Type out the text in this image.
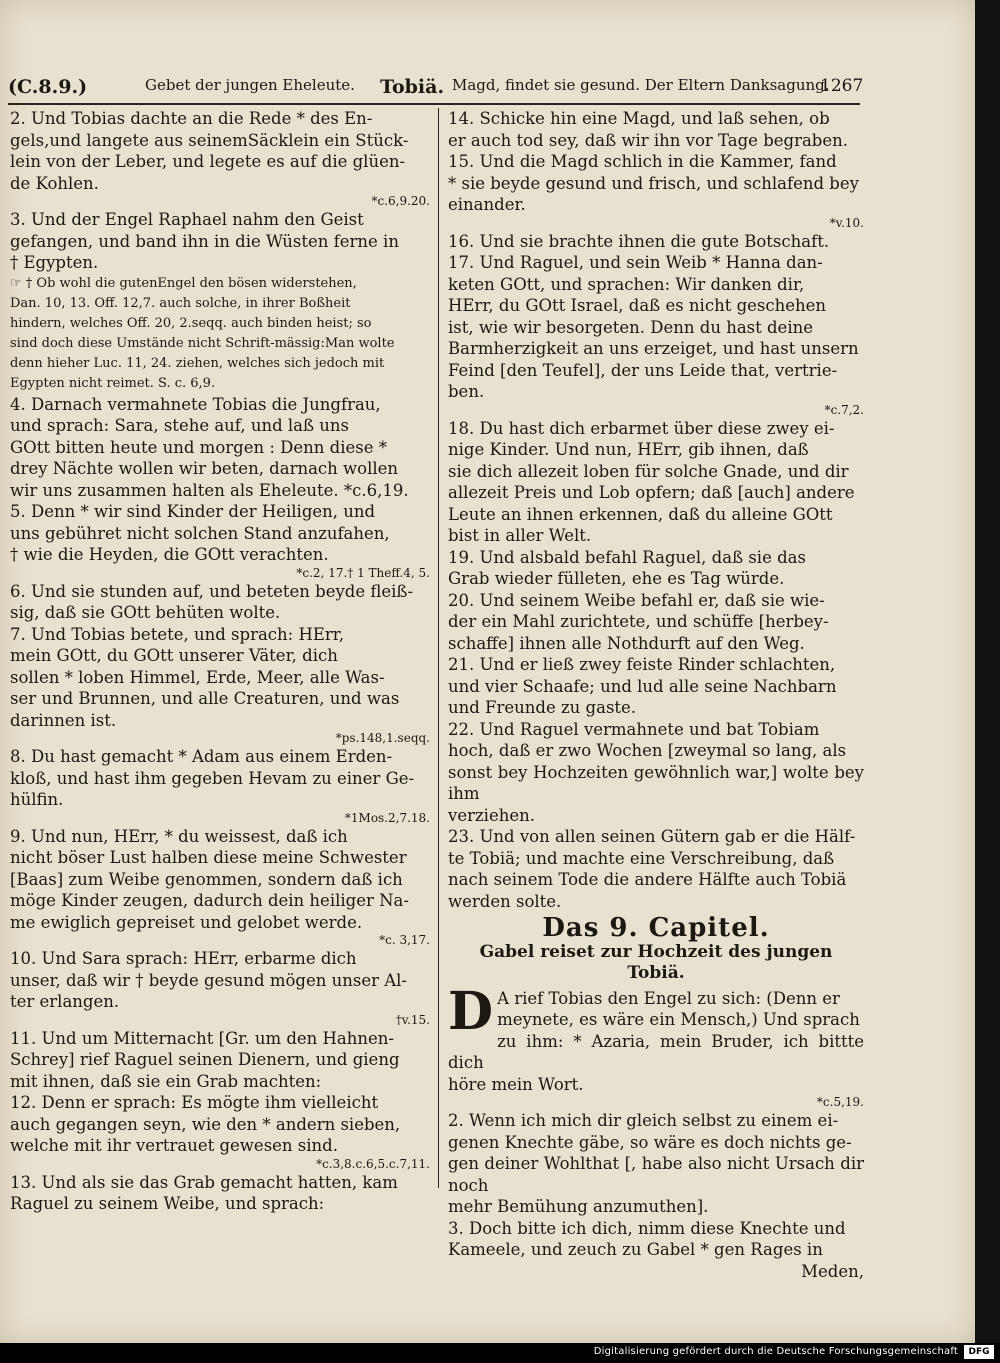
(C.8.9.)	Gebet der jungen Eheleute. Tobiä. Magd, findet sie gesund. Der Eltern Danksagung.
1267
2. Und Tobias dachte an die Rede * des En-
gels,und langete aus seinemSäcklein ein Stück-
lein von der Leber, und legete es auf die glüen-
de Kohlen.
*c.6,9.20.
3. Und der Engel Raphael nahm den Geist
gefangen, und band ihn in die Wüsten ferne in
† Egypten.
☞ † Ob wohl die gutenEngel den bösen widerstehen,
Dan. 10, 13. Off. 12,7. auch solche, in ihrer Boßheit
hindern, welches Off. 20, 2.seqq. auch binden heist; so
sind doch diese Umstände nicht Schrift-mässig:Man wolte
denn hieher Luc. 11, 24. ziehen, welches sich jedoch mit
Egypten nicht reimet. S. c. 6,9.
4. Darnach vermahnete Tobias die Jungfrau,
und sprach: Sara, stehe auf, und laß uns
GOtt bitten heute und morgen : Denn diese *
drey Nächte wollen wir beten, darnach wollen
wir uns zusammen halten als Eheleute. *c.6,19.
5. Denn * wir sind Kinder der Heiligen, und
uns gebühret nicht solchen Stand anzufahen,
† wie die Heyden, die GOtt verachten.
*c.2, 17.† 1 Theff.4, 5.
6. Und sie stunden auf, und beteten beyde fleiß-
sig, daß sie GOtt behüten wolte.
7. Und Tobias betete, und sprach: HErr,
mein GOtt, du GOtt unserer Väter, dich
sollen * loben Himmel, Erde, Meer, alle Was-
ser und Brunnen, und alle Creaturen, und was
darinnen ist.
*ps.148,1.seqq.
8. Du hast gemacht * Adam aus einem Erden-
kloß, und hast ihm gegeben Hevam zu einer Ge-
hülfin.
*1Mos.2,7.18.
9. Und nun, HErr, * du weissest, daß ich
nicht böser Lust halben diese meine Schwester
[Baas] zum Weibe genommen, sondern daß ich
möge Kinder zeugen, dadurch dein heiliger Na-
me ewiglich gepreiset und gelobet werde.
*c. 3,17.
10. Und Sara sprach: HErr, erbarme dich
unser, daß wir † beyde gesund mögen unser Al-
ter erlangen.
†v.15.
11. Und um Mitternacht [Gr. um den Hahnen-
Schrey] rief Raguel seinen Dienern, und gieng
mit ihnen, daß sie ein Grab machten:
12. Denn er sprach: Es mögte ihm vielleicht
auch gegangen seyn, wie den * andern sieben,
welche mit ihr vertrauet gewesen sind.
*c.3,8.c.6,5.c.7,11.
13. Und als sie das Grab gemacht hatten, kam
Raguel zu seinem Weibe, und sprach:
14. Schicke hin eine Magd, und laß sehen, ob
er auch tod sey, daß wir ihn vor Tage begraben.
15. Und die Magd schlich in die Kammer, fand
* sie beyde gesund und frisch, und schlafend bey
einander.
*v.10.
16. Und sie brachte ihnen die gute Botschaft.
17. Und Raguel, und sein Weib * Hanna dan-
keten GOtt, und sprachen: Wir danken dir,
HErr, du GOtt Israel, daß es nicht geschehen
ist, wie wir besorgeten. Denn du hast deine
Barmherzigkeit an uns erzeiget, und hast unsern
Feind [den Teufel], der uns Leide that, vertrie-
ben.
*c.7,2.
18. Du hast dich erbarmet über diese zwey ei-
nige Kinder. Und nun, HErr, gib ihnen, daß
sie dich allezeit loben für solche Gnade, und dir
allezeit Preis und Lob opfern; daß [auch] andere
Leute an ihnen erkennen, daß du alleine GOtt
bist in aller Welt.
19. Und alsbald befahl Raguel, daß sie das
Grab wieder fülleten, ehe es Tag würde.
20. Und seinem Weibe befahl er, daß sie wie-
der ein Mahl zurichtete, und schüffe [herbey-
schaffe] ihnen alle Nothdurft auf den Weg.
21. Und er ließ zwey feiste Rinder schlachten,
und vier Schaafe; und lud alle seine Nachbarn
und Freunde zu gaste.
22. Und Raguel vermahnete und bat Tobiam
hoch, daß er zwo Wochen [zweymal so lang, als
sonst bey Hochzeiten gewöhnlich war,] wolte bey ihm
verziehen.
23. Und von allen seinen Gütern gab er die Hälf-
te Tobiä; und machte eine Verschreibung, daß
nach seinem Tode die andere Hälfte auch Tobiä
werden solte.
Das 9. Capitel.
Gabel reiset zur Hochzeit des jungen
Tobiä.
D A rief Tobias den Engel zu sich: (Denn er
meynete, es wäre ein Mensch,) Und sprach
zu ihm: * Azaria, mein Bruder, ich bittte dich
höre mein Wort.
*c.5,19.
2. Wenn ich mich dir gleich selbst zu einem ei-
genen Knechte gäbe, so wäre es doch nichts ge-
gen deiner Wohlthat [, habe also nicht Ursach dir noch
mehr Bemühung anzumuthen].
3. Doch bitte ich dich, nimm diese Knechte und
Kameele, und zeuch zu Gabel * gen Rages in
Meden,
Digitalisierung gefördert durch die Deutsche Forschungsgemeinschaft	DFG
